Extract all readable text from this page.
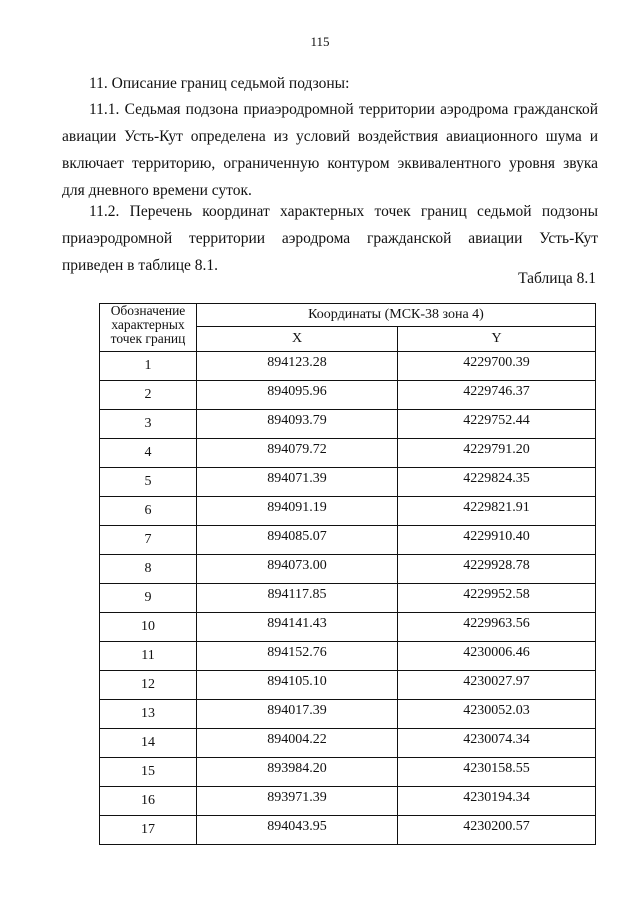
115

11. Описание границ седьмой подзоны:

11.1. Седьмая подзона приаэродромной территории аэродрома гражданской авиации Усть-Кут определена из условий воздействия авиационного шума и включает территорию, ограниченную контуром эквивалентного уровня звука для дневного времени суток.

11.2. Перечень координат характерных точек границ седьмой подзоны приаэродромной территории аэродрома гражданской авиации Усть-Кут приведен в таблице 8.1.

Таблица 8.1
Обозначение характерных точек границ	Координаты (МСК-38 зона 4)	
	X	Y
1	894123.28	4229700.39
2	894095.96	4229746.37
3	894093.79	4229752.44
4	894079.72	4229791.20
5	894071.39	4229824.35
6	894091.19	4229821.91
7	894085.07	4229910.40
8	894073.00	4229928.78
9	894117.85	4229952.58
10	894141.43	4229963.56
11	894152.76	4230006.46
12	894105.10	4230027.97
13	894017.39	4230052.03
14	894004.22	4230074.34
15	893984.20	4230158.55
16	893971.39	4230194.34
17	894043.95	4230200.57
